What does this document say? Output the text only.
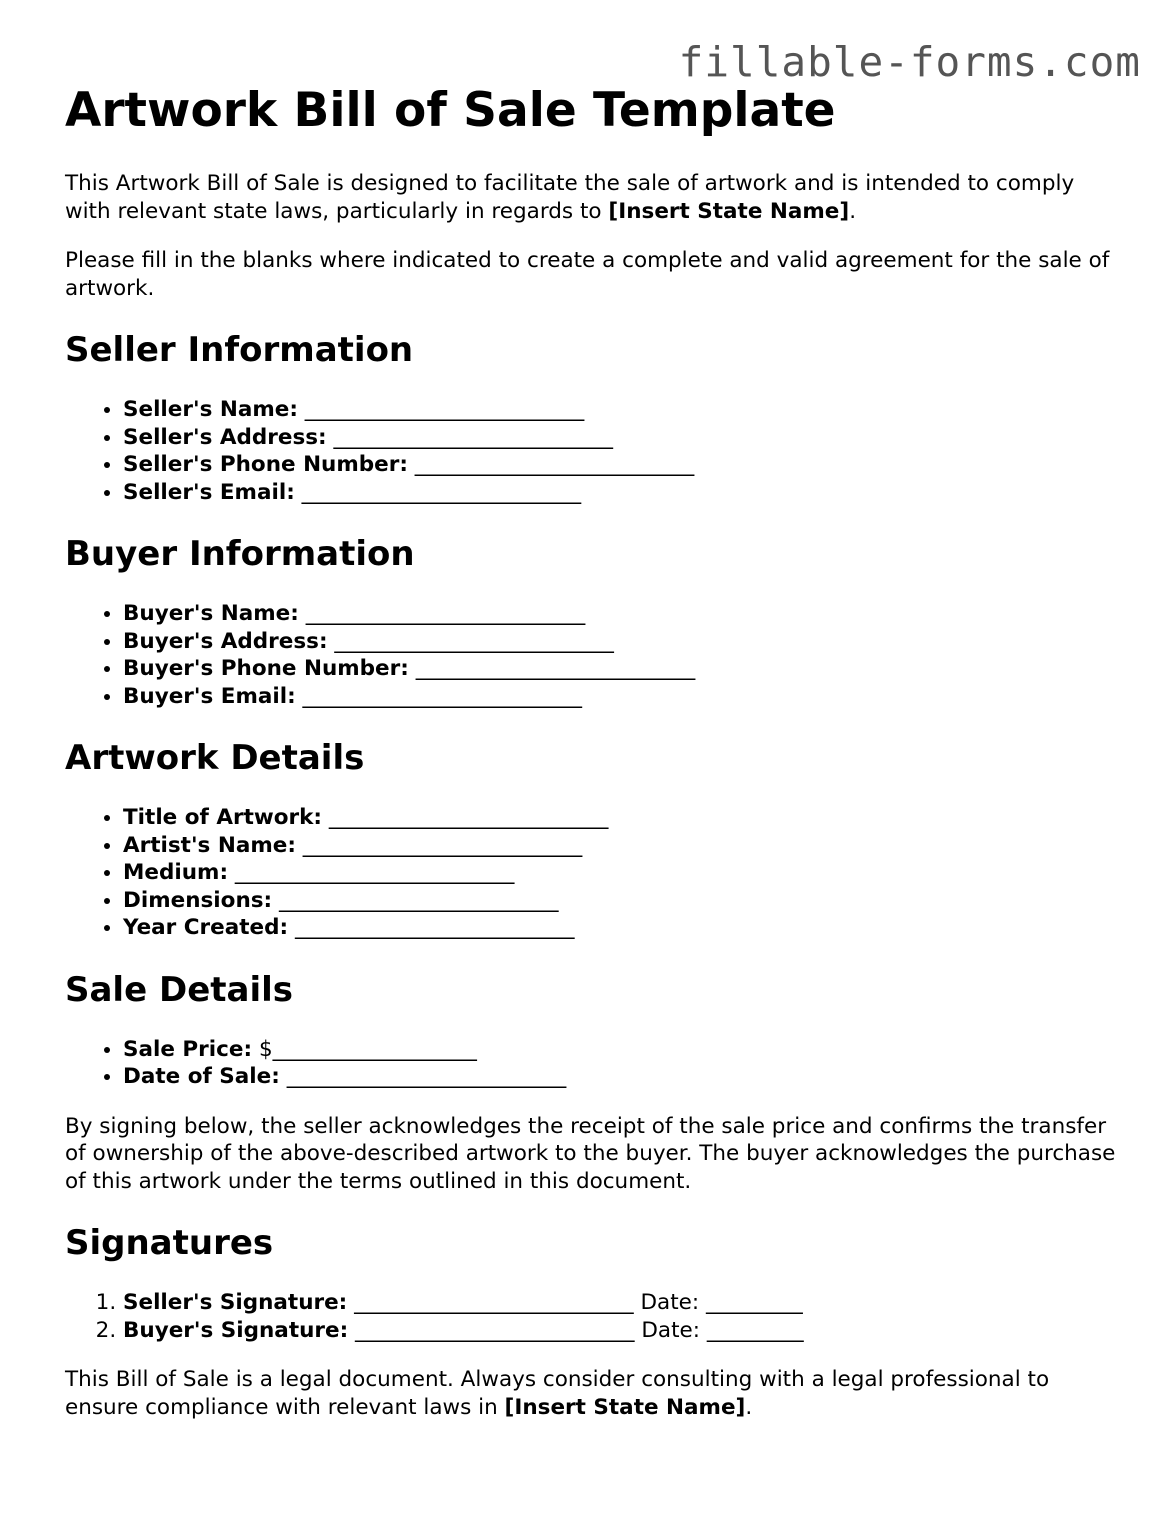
fillable-forms.com
Artwork Bill of Sale Template

This Artwork Bill of Sale is designed to facilitate the sale of artwork and is intended to comply with relevant state laws, particularly in regards to [Insert State Name].

Please fill in the blanks where indicated to create a complete and valid agreement for the sale of artwork.

Seller Information
• Seller's Name: __________________________
• Seller's Address: __________________________
• Seller's Phone Number: __________________________
• Seller's Email: __________________________
Buyer Information
• Buyer's Name: __________________________
• Buyer's Address: __________________________
• Buyer's Phone Number: __________________________
• Buyer's Email: __________________________
Artwork Details
• Title of Artwork: __________________________
• Artist's Name: __________________________
• Medium: __________________________
• Dimensions: __________________________
• Year Created: __________________________
Sale Details
• Sale Price: $___________________
• Date of Sale: __________________________

By signing below, the seller acknowledges the receipt of the sale price and confirms the transfer of ownership of the above-described artwork to the buyer. The buyer acknowledges the purchase of this artwork under the terms outlined in this document.

Signatures
1. Seller's Signature: __________________________ Date: _________
2. Buyer's Signature: __________________________ Date: _________

This Bill of Sale is a legal document. Always consider consulting with a legal professional to ensure compliance with relevant laws in [Insert State Name].
